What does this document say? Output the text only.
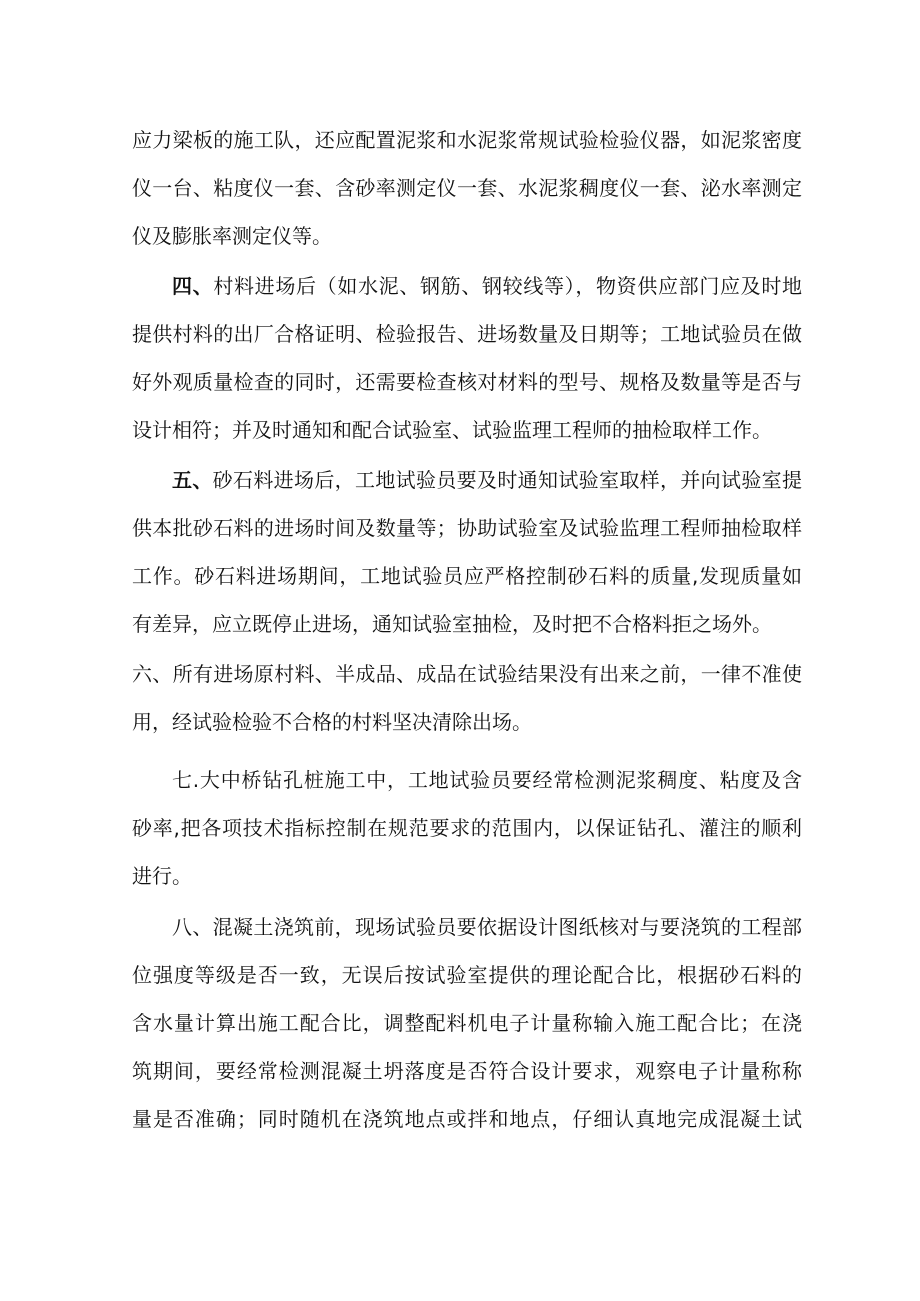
应力梁板的施工队，还应配置泥浆和水泥浆常规试验检验仪器，如泥浆密度
仪一台、粘度仪一套、含砂率测定仪一套、水泥浆稠度仪一套、泌水率测定
仪及膨胀率测定仪等。
四、村料进场后（如水泥、钢筋、钢较线等），物资供应部门应及时地
提供村料的出厂合格证明、检验报告、进场数量及日期等；工地试验员在做
好外观质量检查的同时，还需要检查核对材料的型号、规格及数量等是否与
设计相符；并及时通知和配合试验室、试验监理工程师的抽检取样工作。
五、砂石料进场后，工地试验员要及时通知试验室取样，并向试验室提
供本批砂石料的进场时间及数量等；协助试验室及试验监理工程师抽检取样
工作。砂石料进场期间，工地试验员应严格控制砂石料的质量,发现质量如
有差异，应立既停止进场，通知试验室抽检，及时把不合格料拒之场外。
六、所有进场原村料、半成品、成品在试验结果没有出来之前，一律不准使
用，经试验检验不合格的村料坚决清除出场。
七.大中桥钻孔桩施工中，工地试验员要经常检测泥浆稠度、粘度及含
砂率,把各项技术指标控制在规范要求的范围内，以保证钻孔、灌注的顺利
进行。
八、混凝土浇筑前，现场试验员要依据设计图纸核对与要浇筑的工程部
位强度等级是否一致，无误后按试验室提供的理论配合比，根据砂石料的
含水量计算出施工配合比，调整配料机电子计量称输入施工配合比；在浇
筑期间，要经常检测混凝土坍落度是否符合设计要求，观察电子计量称称
量是否准确；同时随机在浇筑地点或拌和地点，仔细认真地完成混凝土试
